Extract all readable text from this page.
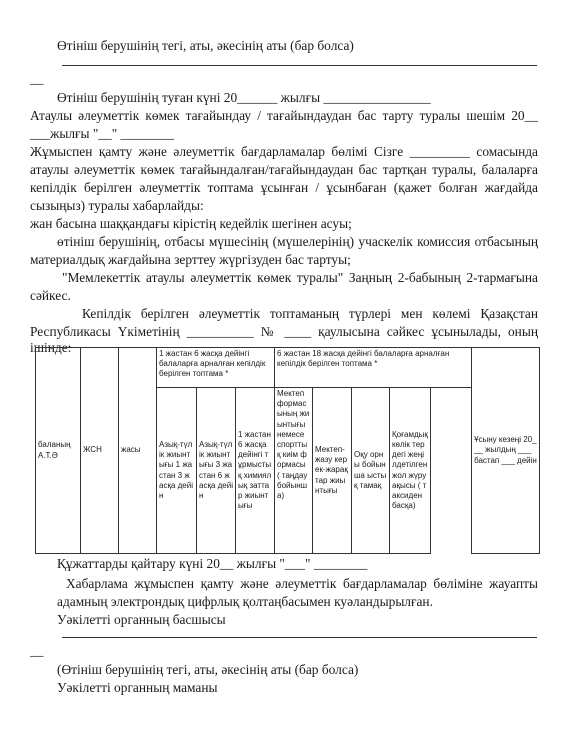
Өтініш берушінің тегі, аты, әкесінің аты (бар болса)
__
Өтініш берушінің туған күні 20______ жылғы ________________
Атаулы әлеуметтік көмек тағайындау / тағайындаудан бас тарту туралы шешім 20__
___жылғы "__" ________
Жұмыспен қамту және әлеуметтік бағдарламалар бөлімі Сізге _________ сомасында
атаулы әлеуметтік көмек тағайындалған/тағайындаудан бас тартқан туралы, балаларға
кепілдік берілген әлеуметтік топтама ұсынған / ұсынбаған (қажет болған жағдайда
сызыңыз) туралы хабарлайды:
жан басына шаққандағы кірістің кедейлік шегінен асуы;
өтініш берушінің, отбасы мүшесінің (мүшелерінің) учаскелік комиссия отбасының
материалдық жағдайына зерттеу жүргізуден бас тартуы;
"Мемлекеттік атаулы әлеуметтік көмек туралы" Заңның 2-бабының 2-тармағына
сәйкес.
Кепілдік берілген әлеуметтік топтаманың түрлері мен көлемі Қазақстан
Республикасы Үкіметінің __________ № ____ қаулысына сәйкес ұсынылады, оның
ішінде:
баланың А.Т.Ә	ЖСН	жасы	1 жастан 6 жасқа дейінгі балаларға арналған кепілдік берілген топтама *			6 жастан 18 жасқа дейінгі балаларға арналған кепілдік берілген топтама *				Ұсыну кезеңі 20___ жылдың ___ бастап ___ дейін
			Азық-түлік жиынтығы 1 жастан 3 жасқа дейін	Азық-түлік жиынтығы 3 жастан 6 жасқа дейін	1 жастан 6 жасқа дейінгі тұрмыстық химиялық заттар жиынтығы	Мектеп формасының жиынтығы немесе спорттық киім формасы ( таңдау бойынша)	Мектеп-жазу керек-жарақтар жиынтығы	Оқу орны бойынша ыстық тамақ	Қоғамдық көлік тердегі жеңілдетілген жол жүру ақысы ( таксиден басқа)	
Құжаттарды қайтару күні 20__ жылғы "___" ________
Хабарлама жұмыспен қамту және әлеуметтік бағдарламалар бөліміне жауапты
адамның электрондық цифрлық қолтаңбасымен куәландырылған.
Уәкілетті органның басшысы
__
(Өтініш берушінің тегі, аты, әкесінің аты (бар болса)
Уәкілетті органның маманы
